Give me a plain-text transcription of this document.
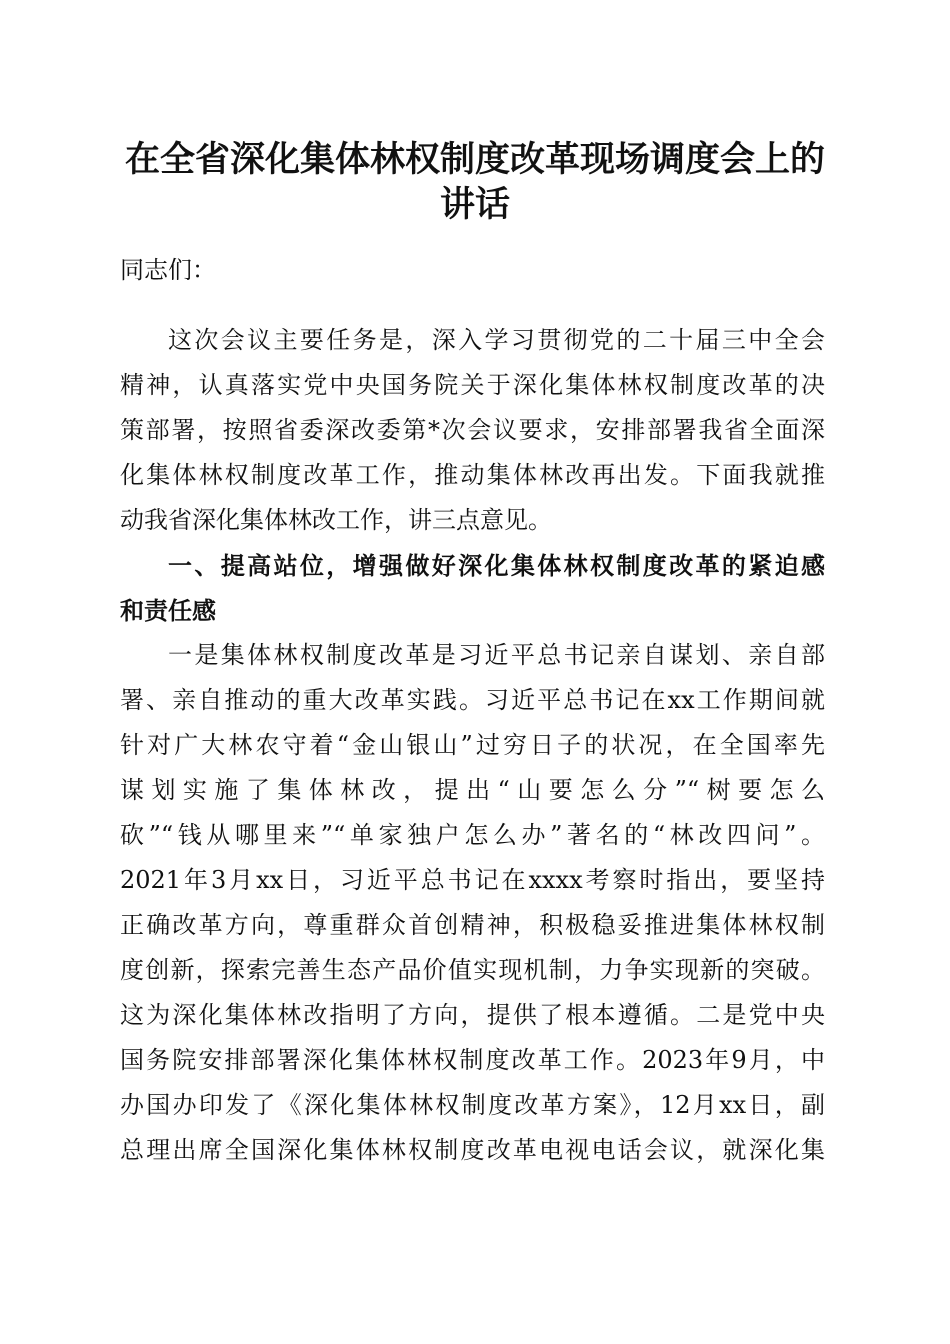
在全省深化集体林权制度改革现场调度会上的
讲话
同志们：
这次会议主要任务是，深入学习贯彻党的二十届三中全会
精神，认真落实党中央国务院关于深化集体林权制度改革的决
策部署，按照省委深改委第*次会议要求，安排部署我省全面深
化集体林权制度改革工作，推动集体林改再出发。下面我就推
动我省深化集体林改工作，讲三点意见。
一、提高站位，增强做好深化集体林权制度改革的紧迫感
和责任感
一是集体林权制度改革是习近平总书记亲自谋划、亲自部
署、亲自推动的重大改革实践。习近平总书记在xx工作期间就
针对广大林农守着“金山银山”过穷日子的状况，在全国率先
谋划实施了集体林改，提出“山要怎么分”“树要怎么
砍”“钱从哪里来”“单家独户怎么办”著名的“林改四问”。
2021年3月xx日，习近平总书记在xxxx考察时指出，要坚持
正确改革方向，尊重群众首创精神，积极稳妥推进集体林权制
度创新，探索完善生态产品价值实现机制，力争实现新的突破。
这为深化集体林改指明了方向，提供了根本遵循。二是党中央
国务院安排部署深化集体林权制度改革工作。2023年9月，中
办国办印发了《深化集体林权制度改革方案》，12月xx日，副
总理出席全国深化集体林权制度改革电视电话会议，就深化集
